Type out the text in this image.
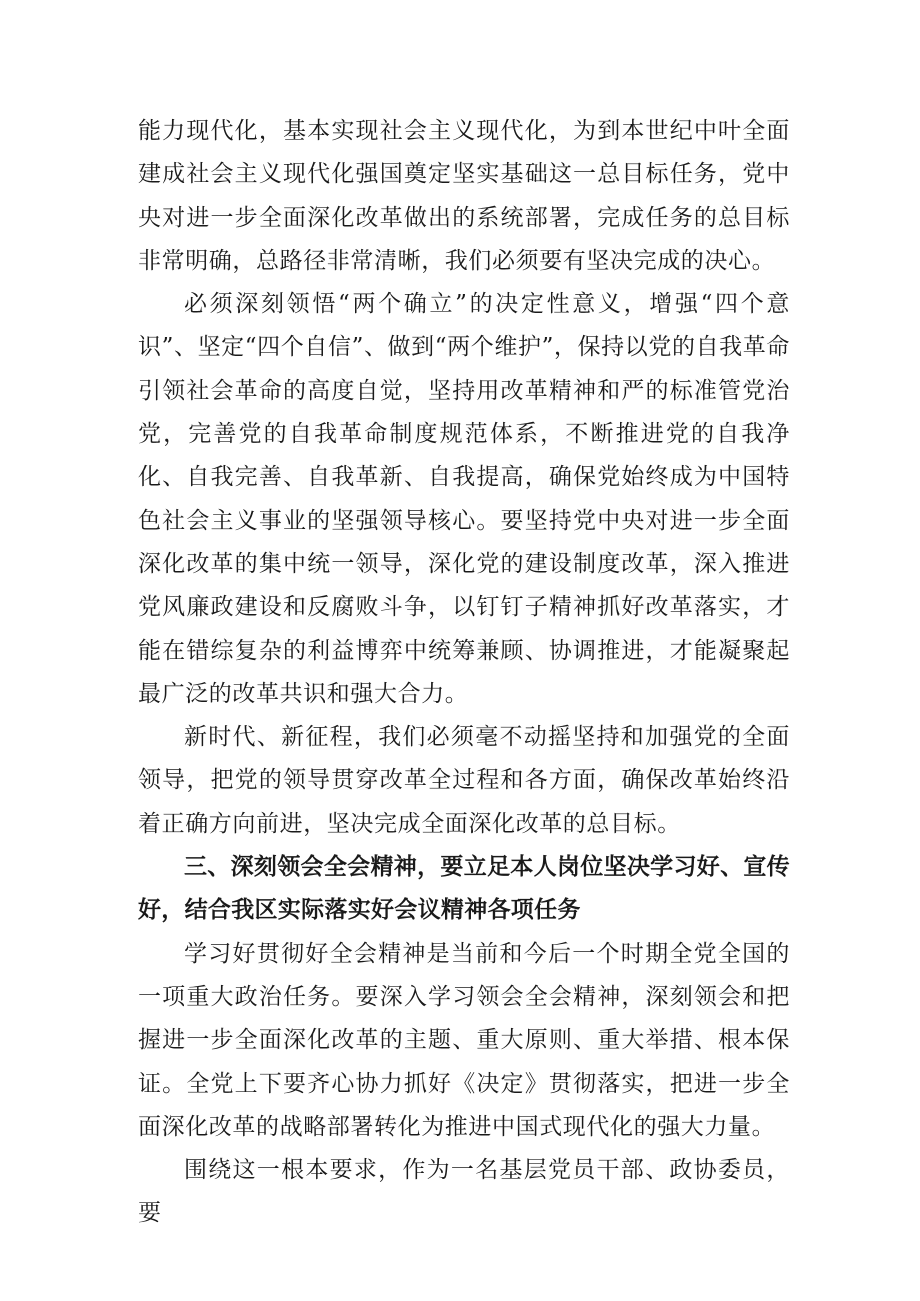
能力现代化，基本实现社会主义现代化，为到本世纪中叶全面建成社会主义现代化强国奠定坚实基础这一总目标任务，党中央对进一步全面深化改革做出的系统部署，完成任务的总目标非常明确，总路径非常清晰，我们必须要有坚决完成的决心。

必须深刻领悟“两个确立”的决定性意义，增强“四个意识”、坚定“四个自信”、做到“两个维护”，保持以党的自我革命引领社会革命的高度自觉，坚持用改革精神和严的标准管党治党，完善党的自我革命制度规范体系，不断推进党的自我净化、自我完善、自我革新、自我提高，确保党始终成为中国特色社会主义事业的坚强领导核心。要坚持党中央对进一步全面深化改革的集中统一领导，深化党的建设制度改革，深入推进党风廉政建设和反腐败斗争，以钉钉子精神抓好改革落实，才能在错综复杂的利益博弈中统筹兼顾、协调推进，才能凝聚起最广泛的改革共识和强大合力。

新时代、新征程，我们必须毫不动摇坚持和加强党的全面领导，把党的领导贯穿改革全过程和各方面，确保改革始终沿着正确方向前进，坚决完成全面深化改革的总目标。

三、深刻领会全会精神，要立足本人岗位坚决学习好、宣传好，结合我区实际落实好会议精神各项任务

学习好贯彻好全会精神是当前和今后一个时期全党全国的一项重大政治任务。要深入学习领会全会精神，深刻领会和把握进一步全面深化改革的主题、重大原则、重大举措、根本保证。全党上下要齐心协力抓好《决定》贯彻落实，把进一步全面深化改革的战略部署转化为推进中国式现代化的强大力量。

围绕这一根本要求，作为一名基层党员干部、政协委员，要
